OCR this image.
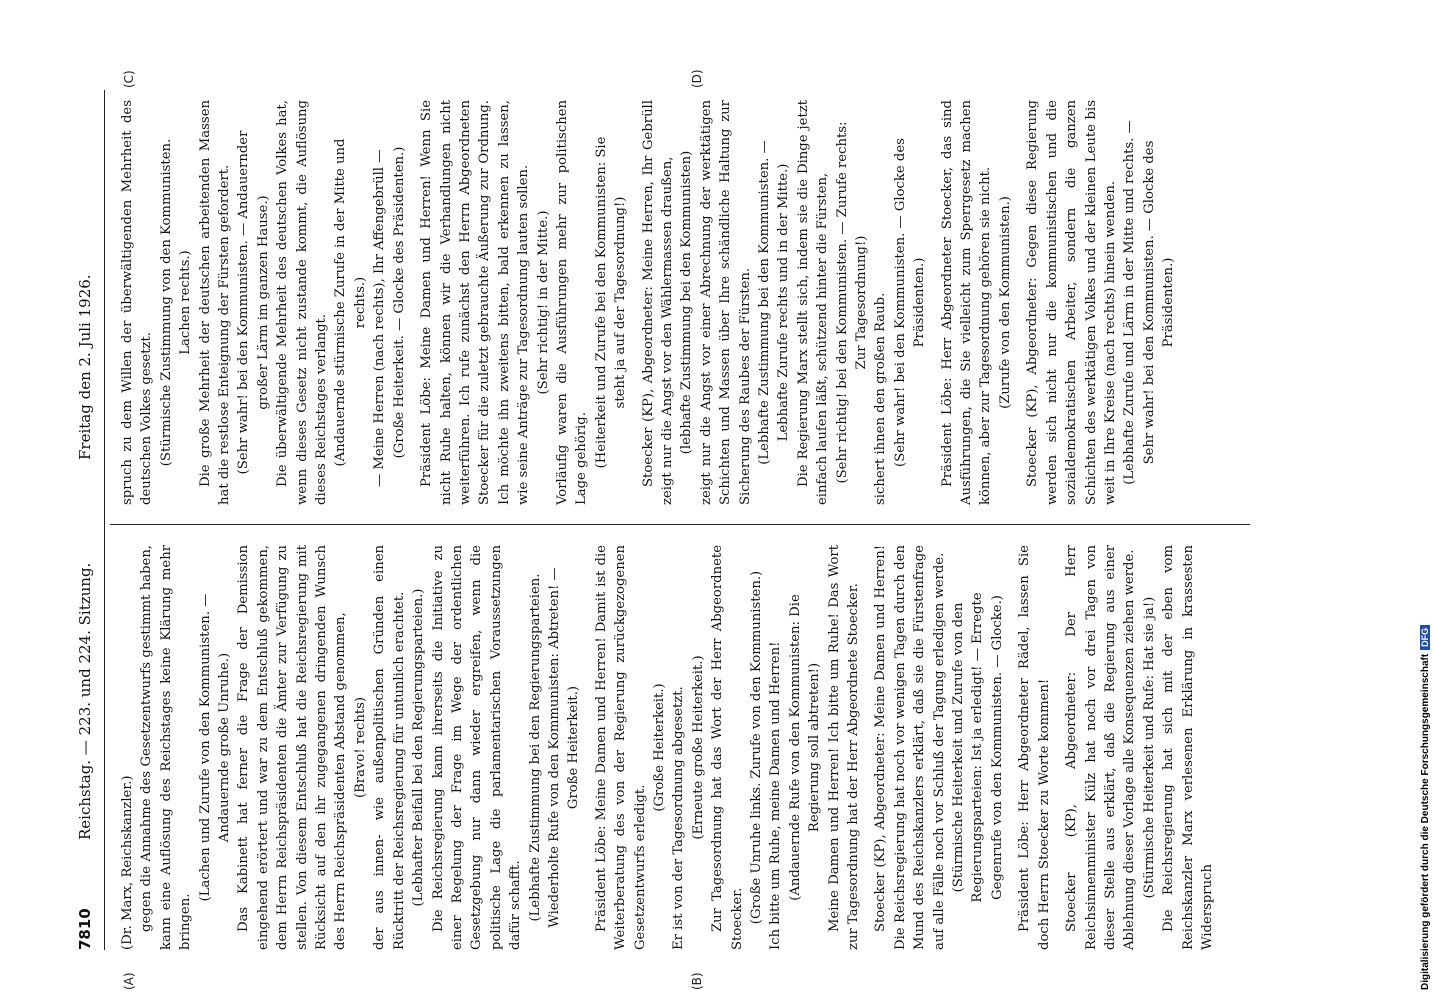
7810
Reichstag. — 223. und 224. Sitzung.
Freitag den 2. Juli 1926.

(Dr. Marx, Reichskanzler.) gegen die Annahme des Gesetzentwurfs gestimmt haben, kann eine Auflösung des Reichstages keine Klärung mehr bringen.

(Lachen und Zurufe von den Kommunisten. — Andauernde große Unruhe.) Das Kabinett hat ferner die Frage der Demission eingehend erörtert und war zu dem Entschluß gekommen, dem Herrn Reichspräsidenten die Ämter zur Verfügung zu stellen. Von diesem Entschluß hat die Reichsregierung mit Rücksicht auf den ihr zugegangenen dringenden Wunsch des Herrn Reichspräsidenten Abstand genommen, (Bravo! rechts) der aus innen- wie außenpolitischen Gründen einen Rücktritt der Reichsregierung für untunlich erachtet. (Lebhafter Beifall bei den Regierungsparteien.) Die Reichsregierung kann ihrerseits die Initiative zu einer Regelung der Frage im Wege der ordentlichen Gesetzgebung nur dann wieder ergreifen, wenn die politische Lage die parlamentarischen Voraussetzungen dafür schafft. (Lebhafte Zustimmung bei den Regierungsparteien. Wiederholte Rufe von den Kommunisten: Abtreten! — Große Heiterkeit.) Präsident Löbe: Meine Damen und Herren! Damit ist die Weiterberatung des von der Regierung zurückgezogenen Gesetzentwurfs erledigt.

(Große Heiterkeit.) Er ist von der Tagesordnung abgesetzt. (Erneute große Heiterkeit.) Zur Tagesordnung hat das Wort der Herr Abgeordnete Stoecker. (Große Unruhe links. Zurufe von den Kommunisten.) Ich bitte um Ruhe, meine Damen und Herren! (Andauernde Rufe von den Kommunisten: Die Regierung soll abtreten!) Meine Damen und Herren! Ich bitte um Ruhe! Das Wort zur Tagesordnung hat der Herr Abgeordnete Stoecker. Stoecker (KP), Abgeordneter: Meine Damen und Herren! Die Reichsregierung hat noch vor wenigen Tagen durch den Mund des Reichskanzlers erklärt, daß sie die Fürstenfrage auf alle Fälle noch vor Schluß der Tagung erledigen werde. (Stürmische Heiterkeit und Zurufe von den Regierungsparteien: Ist ja erledigt! — Erregte Gegenrufe von den Kommunisten. — Glocke.) Präsident Löbe: Herr Abgeordneter Rädel, lassen Sie doch Herrn Stoecker zu Worte kommen! Stoecker (KP), Abgeordneter: Der Herr Reichsinnenminister Külz hat noch vor drei Tagen von dieser Stelle aus erklärt, daß die Regierung aus einer Ablehnung dieser Vorlage alle Konsequenzen ziehen werde. (Stürmische Heiterkeit und Rufe: Hat sie ja!) Die Reichsregierung hat sich mit der eben vom Reichskanzler Marx verlesenen Erklärung in krassesten Widerspruch

spruch zu dem Willen der überwältigenden Mehrheit des deutschen Volkes gesetzt. (Stürmische Zustimmung von den Kommunisten. Lachen rechts.) Die große Mehrheit der deutschen arbeitenden Massen hat die restlose Enteignung der Fürsten gefordert. (Sehr wahr! bei den Kommunisten. — Andauernder großer Lärm im ganzen Hause.) Die überwältigende Mehrheit des deutschen Volkes hat, wenn dieses Gesetz nicht zustande kommt, die Auflösung dieses Reichstages verlangt. (Andauernde stürmische Zurufe in der Mitte und rechts.) — Meine Herren (nach rechts), Ihr Affengebrüll — (Große Heiterkeit. — Glocke des Präsidenten.) Präsident Löbe: Meine Damen und Herren! Wenn Sie nicht Ruhe halten, können wir die Verhandlungen nicht weiterführen. Ich rufe zunächst den Herrn Abgeordneten Stoecker für die zuletzt gebrauchte Äußerung zur Ordnung. Ich möchte ihn zweitens bitten, bald erkennen zu lassen, wie seine Anträge zur Tagesordnung lauten sollen. (Sehr richtig! in der Mitte.) Vorläufig waren die Ausführungen mehr zur politischen Lage gehörig. (Heiterkeit und Zurufe bei den Kommunisten: Sie steht ja auf der Tagesordnung!) Stoecker (KP), Abgeordneter: Meine Herren, Ihr Gebrüll zeigt nur die Angst vor den Wählermassen draußen, (lebhafte Zustimmung bei den Kommunisten) zeigt nur die Angst vor einer Abrechnung der werktätigen Schichten und Massen über Ihre schändliche Haltung zur Sicherung des Raubes der Fürsten. (Lebhafte Zustimmung bei den Kommunisten. — Lebhafte Zurufe rechts und in der Mitte.) Die Regierung Marx stellt sich, indem sie die Dinge jetzt einfach laufen läßt, schützend hinter die Fürsten, (Sehr richtig! bei den Kommunisten. — Zurufe rechts: Zur Tagesordnung!) sichert ihnen den großen Raub. (Sehr wahr! bei den Kommunisten. — Glocke des Präsidenten.) Präsident Löbe: Herr Abgeordneter Stoecker, das sind Ausführungen, die Sie vielleicht zum Sperrgesetz machen können, aber zur Tagesordnung gehören sie nicht. (Zurufe von den Kommunisten.) Stoecker (KP), Abgeordneter: Gegen diese Regierung werden sich nicht nur die kommunistischen und die sozialdemokratischen Arbeiter, sondern die ganzen Schichten des werktätigen Volkes und der kleinen Leute bis weit in Ihre Kreise (nach rechts) hinein wenden. (Lebhafte Zurufe und Lärm in der Mitte und rechts. — Sehr wahr! bei den Kommunisten. — Glocke des Präsidenten.)

(A)	(B)
(C)	(D)
Digitalisierung gefördert durch die Deutsche ForschungsgemeinschaftDFG
